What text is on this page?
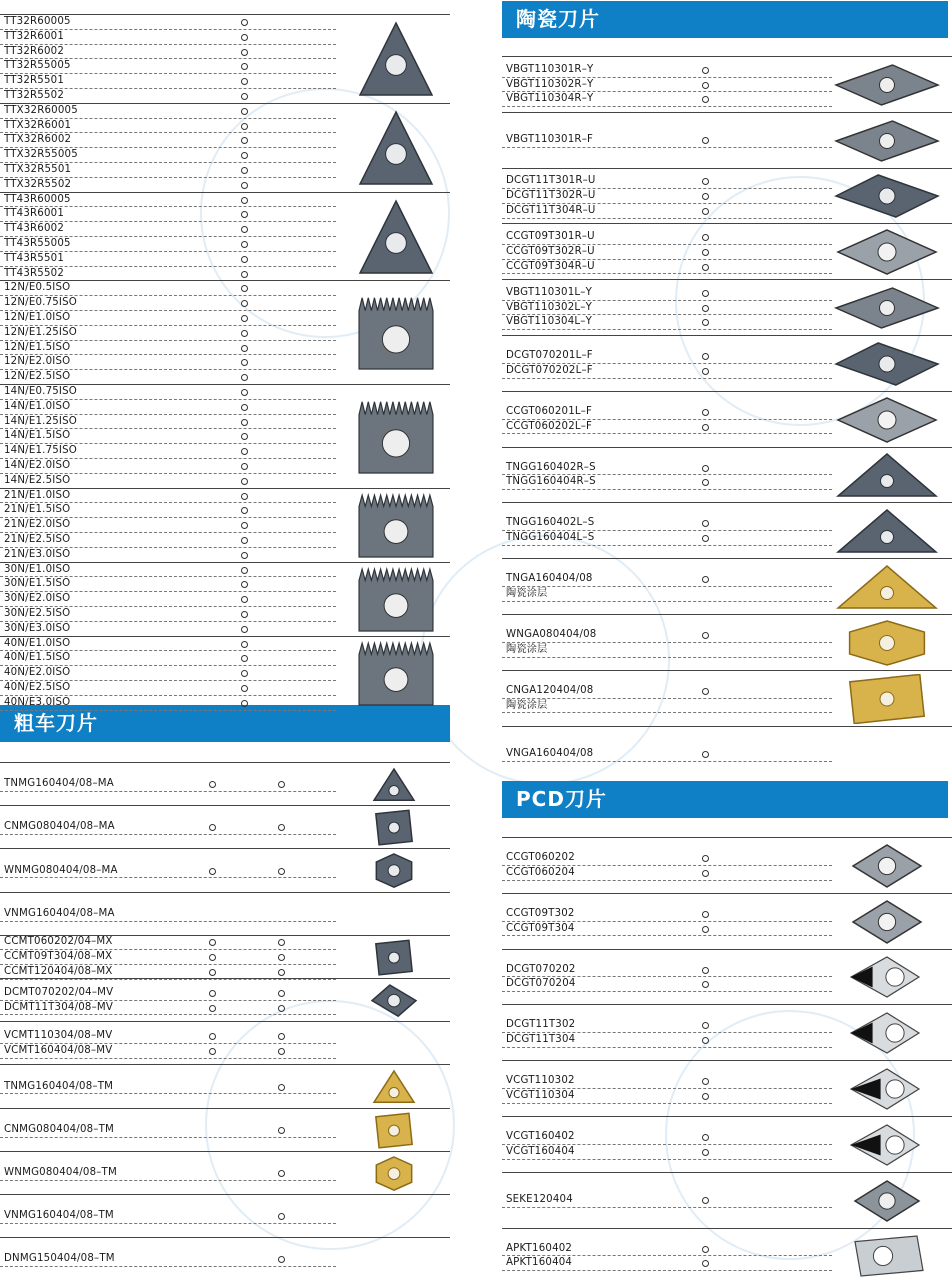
粗车刀片
TT32R60005
TT32R6001
TT32R6002
TT32R55005
TT32R5501
TT32R5502
TTX32R60005
TTX32R6001
TTX32R6002
TTX32R55005
TTX32R5501
TTX32R5502
TT43R60005
TT43R6001
TT43R6002
TT43R55005
TT43R5501
TT43R5502
12N/E0.5ISO
12N/E0.75ISO
12N/E1.0ISO
12N/E1.25ISO
12N/E1.5ISO
12N/E2.0ISO
12N/E2.5ISO
14N/E0.75ISO
14N/E1.0ISO
14N/E1.25ISO
14N/E1.5ISO
14N/E1.75ISO
14N/E2.0ISO
14N/E2.5ISO
21N/E1.0ISO
21N/E1.5ISO
21N/E2.0ISO
21N/E2.5ISO
21N/E3.0ISO
30N/E1.0ISO
30N/E1.5ISO
30N/E2.0ISO
30N/E2.5ISO
30N/E3.0ISO
40N/E1.0ISO
40N/E1.5ISO
40N/E2.0ISO
40N/E2.5ISO
40N/E3.0ISO
TNMG160404/08–MA
CNMG080404/08–MA
WNMG080404/08–MA
VNMG160404/08–MA
CCMT060202/04–MX
CCMT09T304/08–MX
CCMT120404/08–MX
DCMT070202/04–MV
DCMT11T304/08–MV
VCMT110304/08–MV
VCMT160404/08–MV
TNMG160404/08–TM
CNMG080404/08–TM
WNMG080404/08–TM
VNMG160404/08–TM
DNMG150404/08–TM
陶瓷刀片
PCD刀片
VBGT110301R–Y
VBGT110302R–Y
VBGT110304R–Y
VBGT110301R–F
DCGT11T301R–U
DCGT11T302R–U
DCGT11T304R–U
CCGT09T301R–U
CCGT09T302R–U
CCGT09T304R–U
VBGT110301L–Y
VBGT110302L–Y
VBGT110304L–Y
DCGT070201L–F
DCGT070202L–F
CCGT060201L–F
CCGT060202L–F
TNGG160402R–S
TNGG160404R–S
TNGG160402L–S
TNGG160404L–S
TNGA160404/08
陶瓷涂层
WNGA080404/08
陶瓷涂层
CNGA120404/08
陶瓷涂层
VNGA160404/08
CCGT060202
CCGT060204
CCGT09T302
CCGT09T304
DCGT070202
DCGT070204
DCGT11T302
DCGT11T304
VCGT110302
VCGT110304
VCGT160402
VCGT160404
SEKE120404
APKT160402
APKT160404
